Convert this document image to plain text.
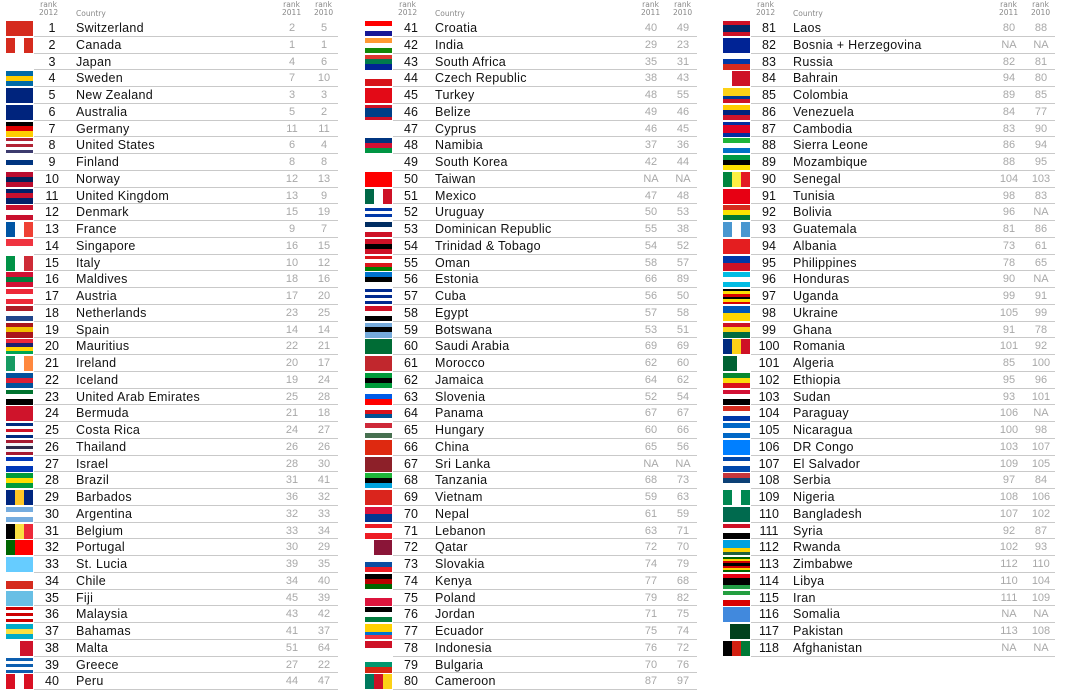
rank
2012 Country
rank
2011
rank
2010
1	Switzerland	2	5
2	Canada	1	1
3	Japan	4	6
4	Sweden	7	10
5	New Zealand	3	3
6	Australia	5	2
7	Germany	11	11
8	United States	6	4
9	Finland	8	8
10	Norway	12	13
11	United Kingdom	13	9
12	Denmark	15	19
13	France	9	7
14	Singapore	16	15
15	Italy	10	12
16	Maldives	18	16
17	Austria	17	20
18	Netherlands	23	25
19	Spain	14	14
20	Mauritius	22	21
21	Ireland	20	17
22	Iceland	19	24
23	United Arab Emirates	25	28
24	Bermuda	21	18
25	Costa Rica	24	27
26	Thailand	26	26
27	Israel	28	30
28	Brazil	31	41
29	Barbados	36	32
30	Argentina	32	33
31	Belgium	33	34
32	Portugal	30	29
33	St. Lucia	39	35
34	Chile	34	40
35	Fiji	45	39
36	Malaysia	43	42
37	Bahamas	41	37
38	Malta	51	64
39	Greece	27	22
40	Peru	44	47
rank
2012 Country
rank
2011
rank
2010
41	Croatia	40	49
42	India	29	23
43	South Africa	35	31
44	Czech Republic	38	43
45	Turkey	48	55
46	Belize	49	46
47	Cyprus	46	45
48	Namibia	37	36
49	South Korea	42	44
50	Taiwan	NA	NA
51	Mexico	47	48
52	Uruguay	50	53
53	Dominican Republic	55	38
54	Trinidad & Tobago	54	52
55	Oman	58	57
56	Estonia	66	89
57	Cuba	56	50
58	Egypt	57	58
59	Botswana	53	51
60	Saudi Arabia	69	69
61	Morocco	62	60
62	Jamaica	64	62
63	Slovenia	52	54
64	Panama	67	67
65	Hungary	60	66
66	China	65	56
67	Sri Lanka	NA	NA
68	Tanzania	68	73
69	Vietnam	59	63
70	Nepal	61	59
71	Lebanon	63	71
72	Qatar	72	70
73	Slovakia	74	79
74	Kenya	77	68
75	Poland	79	82
76	Jordan	71	75
77	Ecuador	75	74
78	Indonesia	76	72
79	Bulgaria	70	76
80	Cameroon	87	97
rank
2012 Country
rank
2011
rank
2010
81	Laos	80	88
82	Bosnia + Herzegovina	NA	NA
83	Russia	82	81
84	Bahrain	94	80
85	Colombia	89	85
86	Venezuela	84	77
87	Cambodia	83	90
88	Sierra Leone	86	94
89	Mozambique	88	95
90	Senegal	104	103
91	Tunisia	98	83
92	Bolivia	96	NA
93	Guatemala	81	86
94	Albania	73	61
95	Philippines	78	65
96	Honduras	90	NA
97	Uganda	99	91
98	Ukraine	105	99
99	Ghana	91	78
100	Romania	101	92
101	Algeria	85	100
102	Ethiopia	95	96
103	Sudan	93	101
104	Paraguay	106	NA
105	Nicaragua	100	98
106	DR Congo	103	107
107	El Salvador	109	105
108	Serbia	97	84
109	Nigeria	108	106
110	Bangladesh	107	102
111	Syria	92	87
112	Rwanda	102	93
113	Zimbabwe	112	110
114	Libya	110	104
115	Iran	111	109
116	Somalia	NA	NA
117	Pakistan	113	108
118	Afghanistan	NA	NA
